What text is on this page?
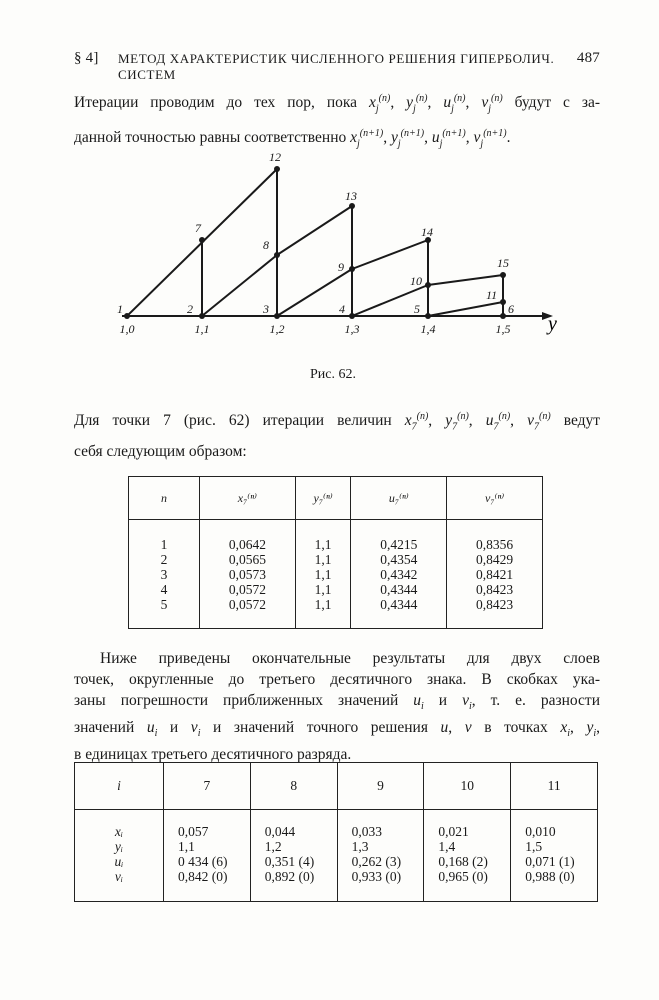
§ 4] МЕТОД ХАРАКТЕРИСТИК ЧИСЛЕННОГО РЕШЕНИЯ ГИПЕРБОЛИЧ. СИСТЕМ
487
Итерации проводим до тех пор, пока $x_j^{(n)}$, $y_j^{(n)}$, $u_j^{(n)}$, $v_j^{(n)}$ будут с за-
данной точностью равны соответственно $x_j^{(n+1)}$, $y_j^{(n+1)}$, $u_j^{(n+1)}$, $v_j^{(n+1)}$.
1	2	3	4	5	6
7
8
9
10
11
12
13
14
15
1,0	1,1	1,2	1,3	1,4	1,5 y
Рис. 62.
Для точки 7 (рис. 62) итерации величин $x_7^{(n)}$, $y_7^{(n)}$, $u_7^{(n)}$, $v_7^{(n)}$ ведут
себя следующим образом:
n	x₇⁽ⁿ⁾	y₇⁽ⁿ⁾	u₇⁽ⁿ⁾	v₇⁽ⁿ⁾
1	0,0642	1,1	0,4215	0,8356
2	0,0565	1,1	0,4354	0,8429
3	0,0573	1,1	0,4342	0,8421
4	0,0572	1,1	0,4344	0,8423
5	0,0572	1,1	0,4344	0,8423
Ниже приведены окончательные результаты для двух слоев
точек, округленные до третьего десятичного знака. В скобках ука-
заны погрешности приближенных значений $u_i$ и $v_i$, т. е. разности
значений $u_i$ и $v_i$ и значений точного решения u, v в точках $x_i$, $y_i$,
в единицах третьего десятичного разряда.
i	7	8	9	10	11
xᵢ	0,057	0,044	0,033	0,021	0,010
yᵢ	1,1	1,2	1,3	1,4	1,5
uᵢ	0 434 (6)	0,351 (4)	0,262 (3)	0,168 (2)	0,071 (1)
vᵢ	0,842 (0)	0,892 (0)	0,933 (0)	0,965 (0)	0,988 (0)
